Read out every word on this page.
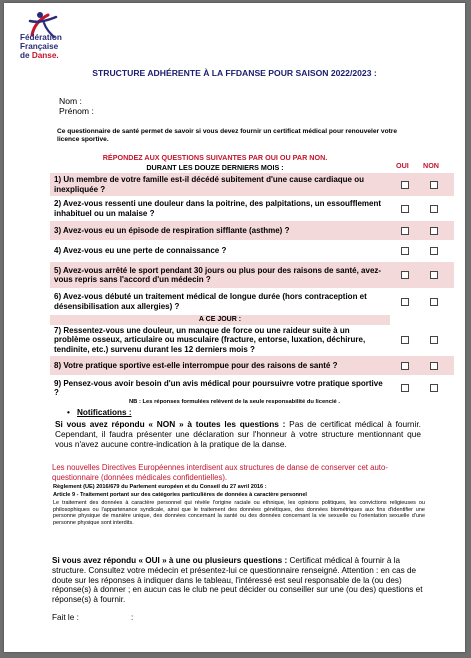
Fédération
Française
de Danse.
STRUCTURE ADHÉRENTE À LA FFDANSE POUR SAISON 2022/2023 :
Nom :
Prénom :
Ce questionnaire de santé permet de savoir si vous devez fournir un certificat médical pour renouveler votre licence sportive.
RÉPONDEZ AUX QUESTIONS SUIVANTES PAR OUI OU PAR NON.
DURANT LES DOUZE DERNIERS MOIS :	OUI NON
1) Un membre de votre famille est-il décédé subitement d'une cause cardiaque ou inexpliquée ?
2) Avez-vous ressenti une douleur dans la poitrine, des palpitations, un essoufflement inhabituel ou un malaise ?
3) Avez-vous eu un épisode de respiration sifflante (asthme) ?
4) Avez-vous eu une perte de connaissance ?
5) Avez-vous arrêté le sport pendant 30 jours ou plus pour des raisons de santé, avez-vous repris sans l'accord d'un médecin ?
6) Avez-vous débuté un traitement médical de longue durée (hors contraception et désensibilisation aux allergies) ?
A CE JOUR :
7) Ressentez-vous une douleur, un manque de force ou une raideur suite à un problème osseux, articulaire ou musculaire (fracture, entorse, luxation, déchirure, tendinite, etc.) survenu durant les 12 derniers mois ?
8) Votre pratique sportive est-elle interrompue pour des raisons de santé ?
9) Pensez-vous avoir besoin d'un avis médical pour poursuivre votre pratique sportive ?
NB : Les réponses formulées relèvent de la seule responsabilité du licencié .
• Notifications :
Si vous avez répondu « NON » à toutes les questions : Pas de certificat médical à fournir. Cependant, il faudra présenter une déclaration sur l'honneur à votre structure mentionnant que vous n'avez aucune contre-indication à la pratique de la danse.
Les nouvelles Directives Européennes interdisent aux structures de danse de conserver cet auto-questionnaire (données médicales confidentielles).
Règlement (UE) 2016/679 du Parlement européen et du Conseil du 27 avril 2016 :
Article 9 - Traitement portant sur des catégories particulières de données à caractère personnel
Le traitement des données à caractère personnel qui révèle l'origine raciale ou ethnique, les opinions politiques, les convictions religieuses ou philosophiques ou l'appartenance syndicale, ainsi que le traitement des données génétiques, des données biométriques aux fins d'identifier une personne physique de manière unique, des données concernant la santé ou des données concernant la vie sexuelle ou l'orientation sexuelle d'une personne physique sont interdits.
Si vous avez répondu « OUI » à une ou plusieurs questions : Certificat médical à fournir à la structure. Consultez votre médecin et présentez-lui ce questionnaire renseigné. Attention : en cas de doute sur les réponses à indiquer dans le tableau, l'intéressé est seul responsable de la (ou des) réponse(s) à donner ; en aucun cas le club ne peut décider ou conseiller sur une (ou des) questions et réponse(s) à fournir.
Fait le :	:
